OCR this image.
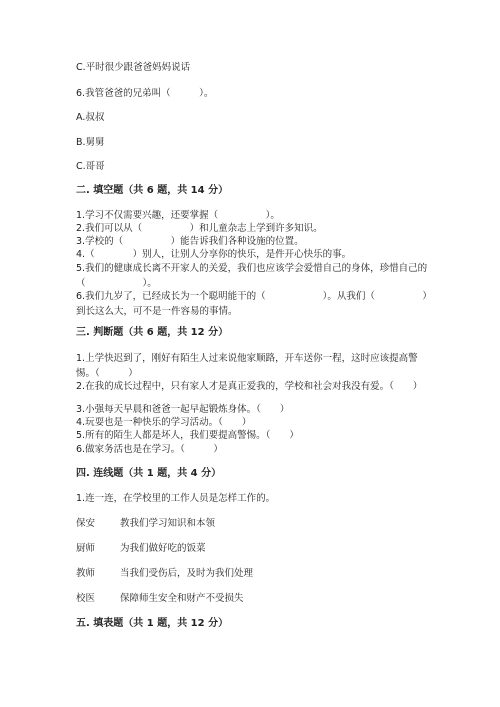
C.平时很少跟爸爸妈妈说话
6.我管爸爸的兄弟叫（　　　）。
A.叔叔
B.舅舅
C.哥哥
二. 填空题（共 6 题，共 14 分）
1.学习不仅需要兴趣，还要掌握（　　　　　）。
2.我们可以从（　　　　　）和儿童杂志上学到许多知识。
3.学校的（　　　　　）能告诉我们各种设施的位置。
4.（　　　　）别人，让别人分享你的快乐，是件开心快乐的事。
5.我们的健康成长离不开家人的关爱，我们也应该学会爱惜自己的身体，珍惜自己的（　　　　　　）。
6.我们九岁了，已经成长为一个聪明能干的（　　　　　　）。从我们（　　　　　）到长这么大，可不是一件容易的事情。
三. 判断题（共 6 题，共 12 分）
1.上学快迟到了，刚好有陌生人过来说他家顺路，开车送你一程，这时应该提高警惕。（　　　）
2.在我的成长过程中，只有家人才是真正爱我的，学校和社会对我没有爱。（　　）
3.小强每天早晨和爸爸一起早起锻炼身体。（　　）
4.玩耍也是一种快乐的学习活动。（　　）
5.所有的陌生人都是坏人，我们要提高警惕。（　　）
6.做家务活也是在学习。（　　　）
四. 连线题（共 1 题，共 4 分）
1.连一连，在学校里的工作人员是怎样工作的。
保安	教我们学习知识和本领
厨师	为我们做好吃的饭菜
教师	当我们受伤后，及时为我们处理
校医	保障师生安全和财产不受损失
五. 填表题（共 1 题，共 12 分）
